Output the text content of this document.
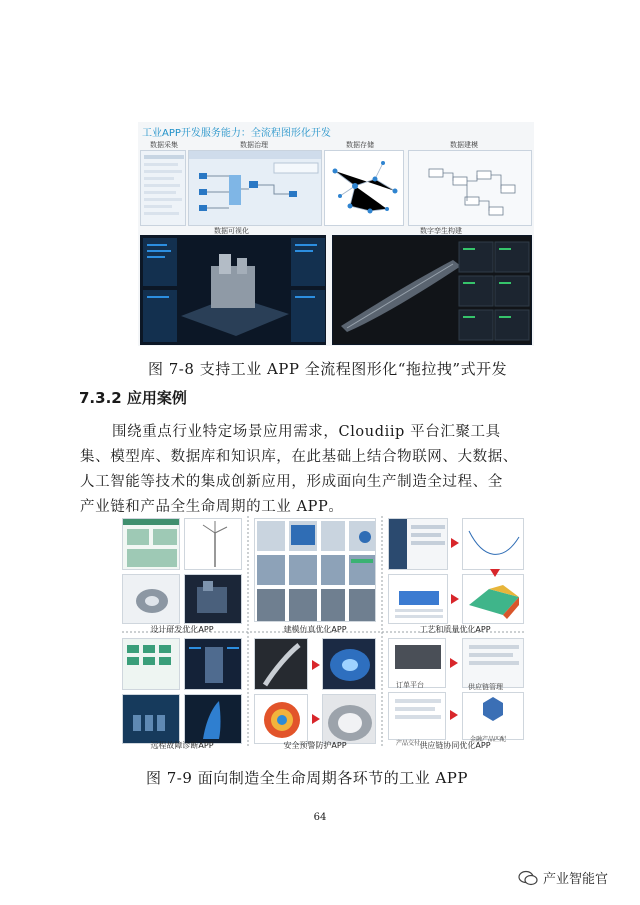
工业APP开发服务能力：全流程图形化开发
数据采集	数据治理	数据存储	数据建模
数据可视化	数字孪生构建
图 7-8 支持工业 APP 全流程图形化“拖拉拽”式开发
7.3.2 应用案例
围绕重点行业特定场景应用需求，Cloudiip 平台汇聚工具
集、模型库、数据库和知识库，在此基础上结合物联网、大数据、
人工智能等技术的集成创新应用，形成面向生产制造全过程、全
产业链和产品全生命周期的工业 APP。
设计研发优化APP	建模仿真优化APP	工艺和质量优化APP
远程故障诊断APP	安全预警防护APP
订单平台
产品交付
供应链管理
金融产品匹配
供应链协同优化APP
图 7-9 面向制造全生命周期各环节的工业 APP
64
产业智能官
